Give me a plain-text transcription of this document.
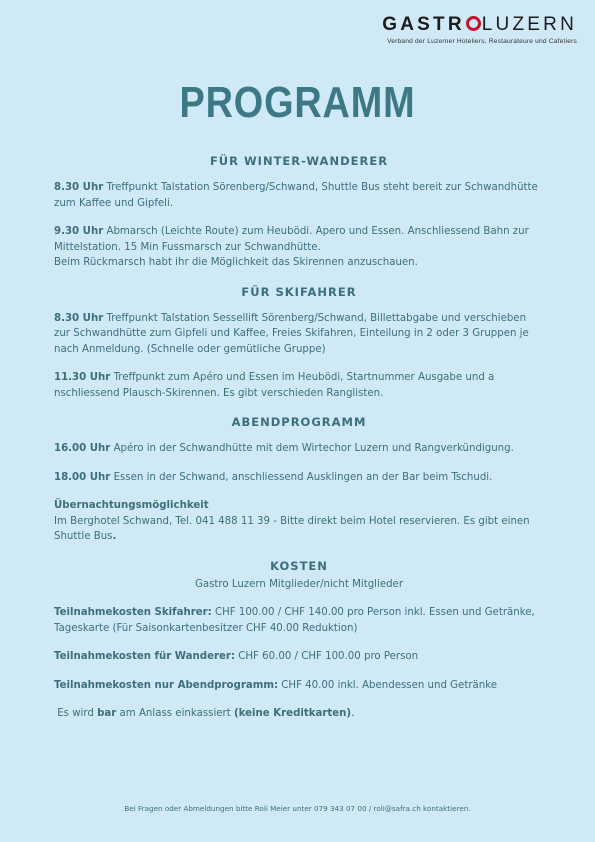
GASTR LUZERN
Verband der Luzerner Hoteliers, Restaurateure und Cafetiers
PROGRAMM
FÜR WINTER-WANDERER

8.30 Uhr Treffpunkt Talstation Sörenberg/Schwand, Shuttle Bus steht bereit zur Schwandhütte zum Kaffee und Gipfeli.

9.30 Uhr Abmarsch (Leichte Route) zum Heubödi. Apero und Essen. Anschliessend Bahn zur Mittelstation. 15 Min Fussmarsch zur Schwandhütte.
Beim Rückmarsch habt ihr die Möglichkeit das Skirennen anzuschauen.

FÜR SKIFAHRER

8.30 Uhr Treffpunkt Talstation Sessellift Sörenberg/Schwand, Billettabgabe und verschieben zur Schwandhütte zum Gipfeli und Kaffee, Freies Skifahren, Einteilung in 2 oder 3 Gruppen je nach Anmeldung. (Schnelle oder gemütliche Gruppe)

11.30 Uhr Treffpunkt zum Apéro und Essen im Heubödi, Startnummer Ausgabe und a nschliessend Plausch-Skirennen. Es gibt verschieden Ranglisten.

ABENDPROGRAMM

16.00 Uhr Apéro in der Schwandhütte mit dem Wirtechor Luzern und Rangverkündigung.

18.00 Uhr Essen in der Schwand, anschliessend Ausklingen an der Bar beim Tschudi.

Übernachtungsmöglichkeit
Im Berghotel Schwand, Tel. 041 488 11 39 - Bitte direkt beim Hotel reservieren. Es gibt einen Shuttle Bus.

KOSTEN

Gastro Luzern Mitglieder/nicht Mitglieder

Teilnahmekosten Skifahrer: CHF 100.00 / CHF 140.00 pro Person inkl. Essen und Getränke, Tageskarte (Für Saisonkartenbesitzer CHF 40.00 Reduktion)

Teilnahmekosten für Wanderer: CHF 60.00 / CHF 100.00 pro Person

Teilnahmekosten nur Abendprogramm: CHF 40.00 inkl. Abendessen und Getränke

Es wird bar am Anlass einkassiert (keine Kreditkarten).

Bei Fragen oder Abmeldungen bitte Roli Meier unter 079 343 07 00 / roli@safra.ch kontaktieren.
